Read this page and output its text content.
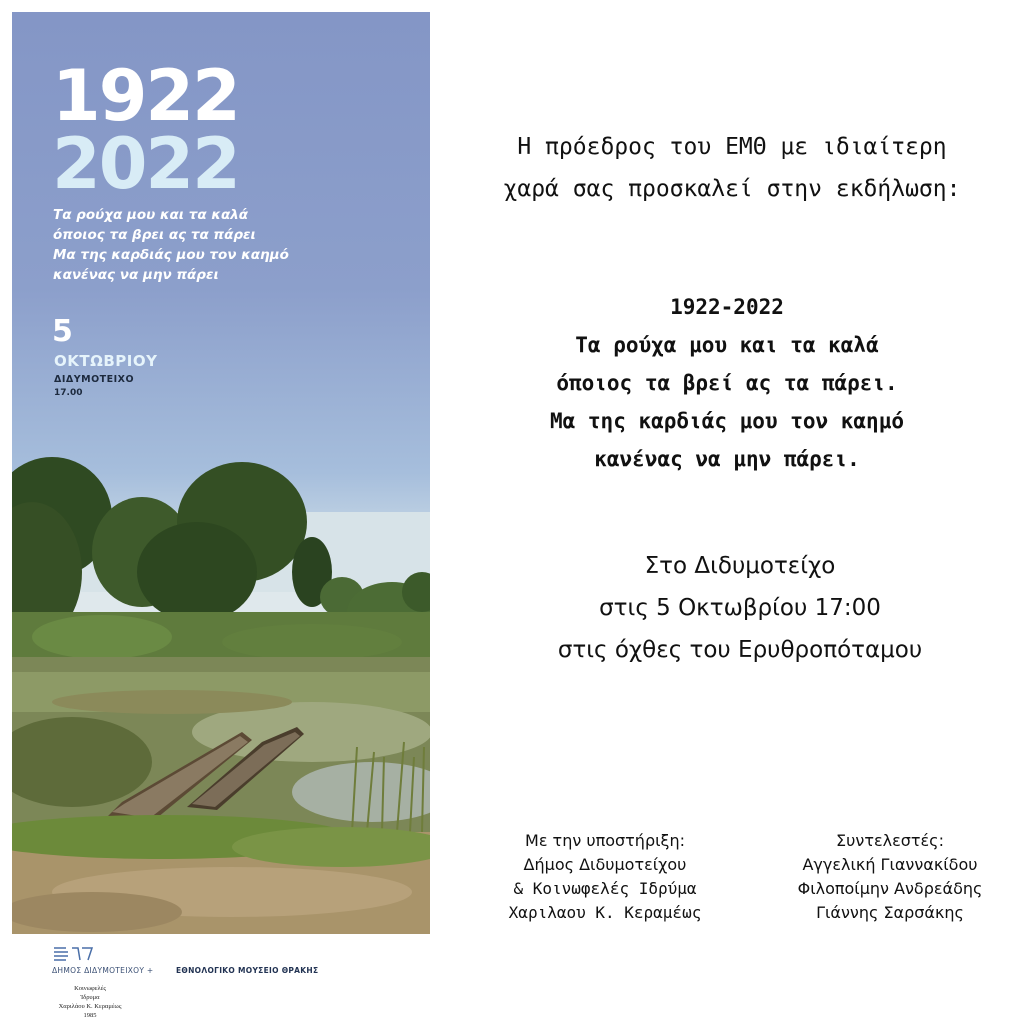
1922
2022
Τα ρούχα μου και τα καλά
όποιος τα βρει ας τα πάρει
Μα της καρδιάς μου τον καημό
κανένας να μην πάρει
5
ΟΚΤΩΒΡΙΟΥ
ΔΙΔΥΜΟΤΕΙΧΟ
17.00
ΔΗΜΟΣ ΔΙΔΥΜΟΤΕΙΧΟΥ +	ΕΘΝΟΛΟΓΙΚΟ ΜΟΥΣΕΙΟ ΘΡΑΚΗΣ
Κοινωφελές
Ίδρυμα
Χαριλάου Κ. Κεραμέως
1985
Η πρόεδρος του ΕΜΘ με ιδιαίτερη
χαρά σας προσκαλεί στην εκδήλωση:
1922-2022
Τα ρούχα μου και τα καλά
όποιος τα βρεί ας τα πάρει.
Μα της καρδιάς μου τον καημό
κανένας να μην πάρει.
Στο Διδυμοτείχο
στις 5 Οκτωβρίου 17:00
στις όχθες του Ερυθροπόταμου
Με την υποστήριξη:
Δήμος Διδυμοτείχου
& Κοινωφελές Ιδρύμα
Χαριλαου Κ. Κεραμέως
Συντελεστές:
Αγγελική Γιαννακίδου
Φιλοποίμην Ανδρεάδης
Γιάννης Σαρσάκης
